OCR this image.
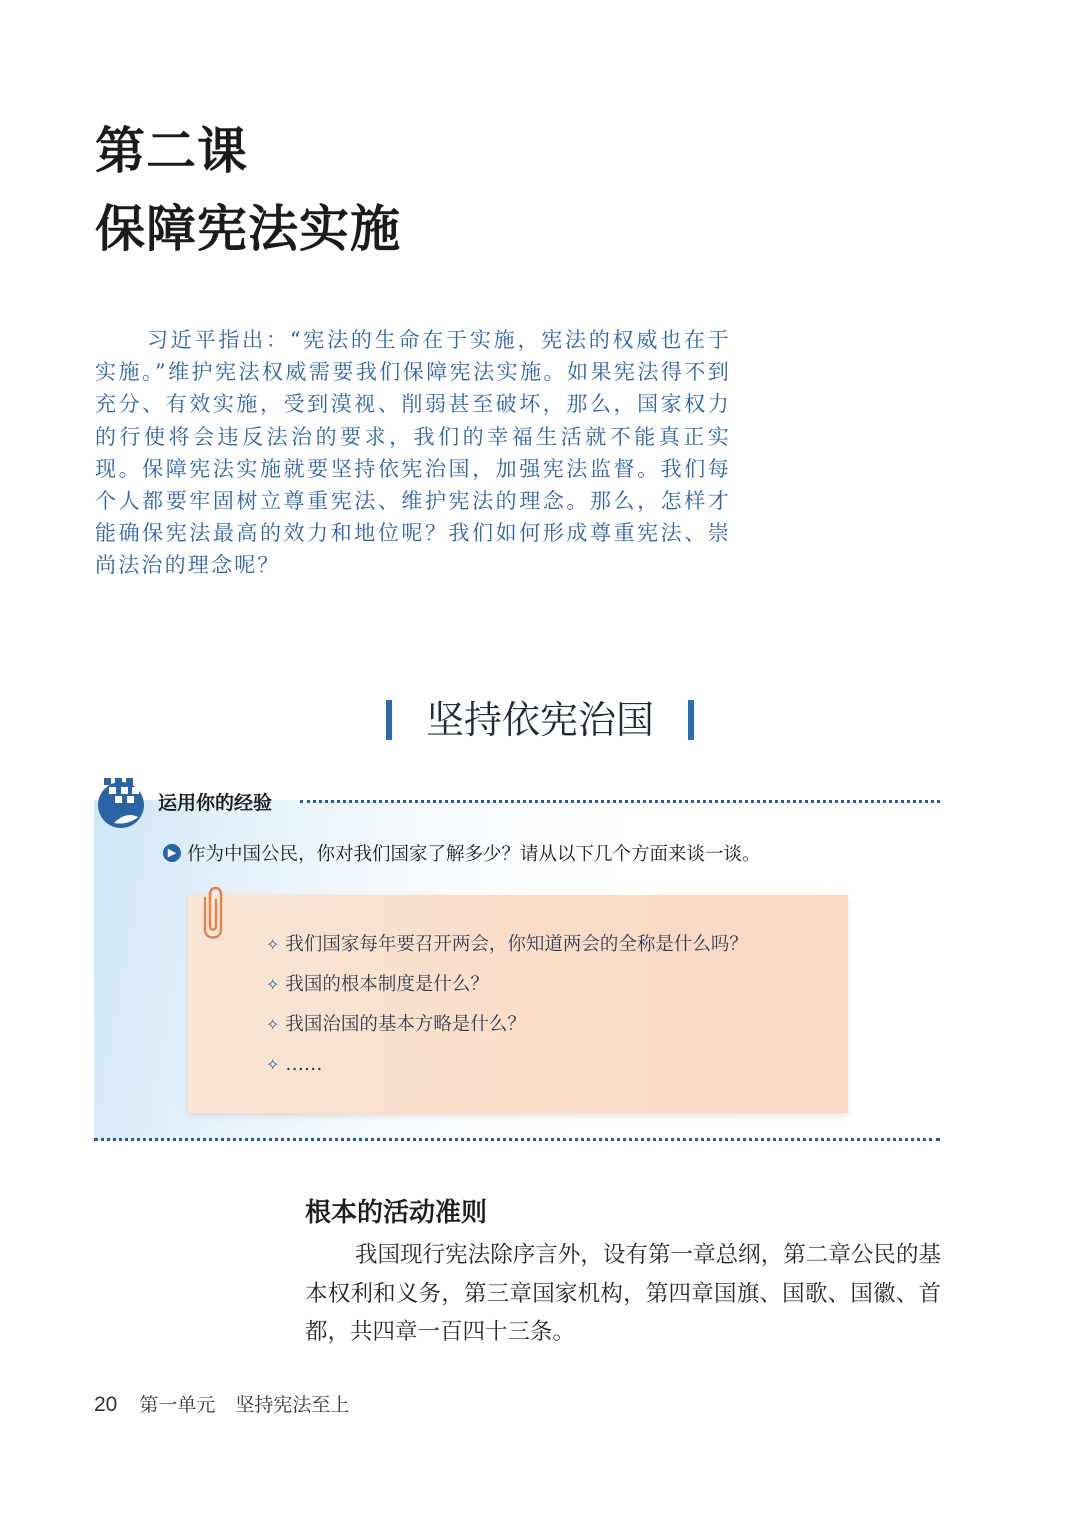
第二课
保障宪法实施

习近平指出：“宪法的生命在于实施，宪法的权威也在于实施。”维护宪法权威需要我们保障宪法实施。如果宪法得不到充分、有效实施，受到漠视、削弱甚至破坏，那么，国家权力的行使将会违反法治的要求，我们的幸福生活就不能真正实现。保障宪法实施就要坚持依宪治国，加强宪法监督。我们每个人都要牢固树立尊重宪法、维护宪法的理念。那么，怎样才能确保宪法最高的效力和地位呢？我们如何形成尊重宪法、崇尚法治的理念呢？

坚持依宪治国
运用你的经验
▶ 作为中国公民，你对我们国家了解多少？请从以下几个方面来谈一谈。
✧ 我们国家每年要召开两会，你知道两会的全称是什么吗？
✧ 我国的根本制度是什么？
✧ 我国治国的基本方略是什么？
✧ ……
根本的活动准则

我国现行宪法除序言外，设有第一章总纲，第二章公民的基本权利和义务，第三章国家机构，第四章国旗、国歌、国徽、首都，共四章一百四十三条。

20 第一单元 坚持宪法至上
